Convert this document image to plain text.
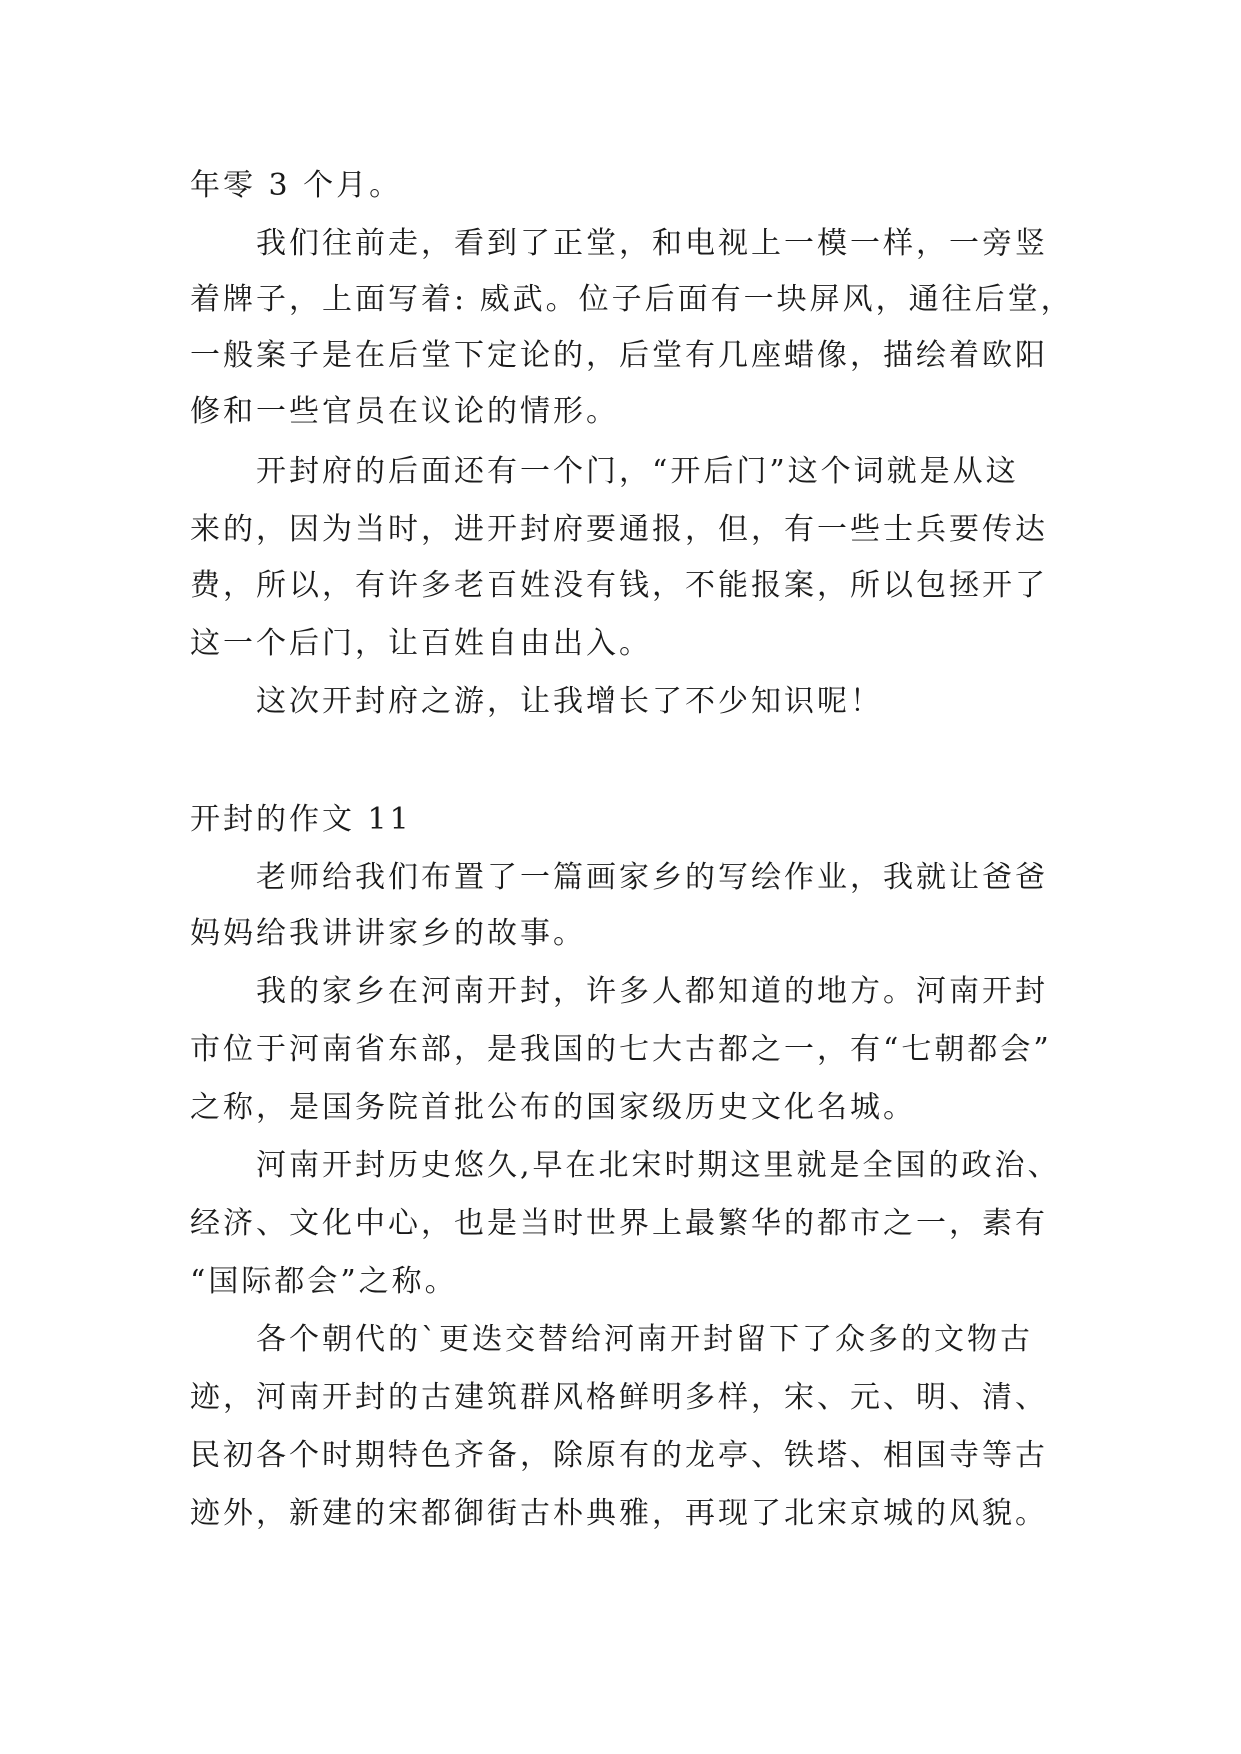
年零 3 个月。
我们往前走，看到了正堂，和电视上一模一样，一旁竖
着牌子，上面写着: 威武。位子后面有一块屏风，通往后堂，
一般案子是在后堂下定论的，后堂有几座蜡像，描绘着欧阳
修和一些官员在议论的情形。
开封府的后面还有一个门，“开后门”这个词就是从这
来的，因为当时，进开封府要通报，但，有一些士兵要传达
费，所以，有许多老百姓没有钱，不能报案，所以包拯开了
这一个后门，让百姓自由出入。
这次开封府之游，让我增长了不少知识呢！
开封的作文 11
老师给我们布置了一篇画家乡的写绘作业，我就让爸爸
妈妈给我讲讲家乡的故事。
我的家乡在河南开封，许多人都知道的地方。河南开封
市位于河南省东部，是我国的七大古都之一，有“七朝都会”
之称，是国务院首批公布的国家级历史文化名城。
河南开封历史悠久,早在北宋时期这里就是全国的政治、
经济、文化中心，也是当时世界上最繁华的都市之一，素有
“国际都会”之称。
各个朝代的`更迭交替给河南开封留下了众多的文物古
迹，河南开封的古建筑群风格鲜明多样，宋、元、明、清、
民初各个时期特色齐备，除原有的龙亭、铁塔、相国寺等古
迹外，新建的宋都御街古朴典雅，再现了北宋京城的风貌。
